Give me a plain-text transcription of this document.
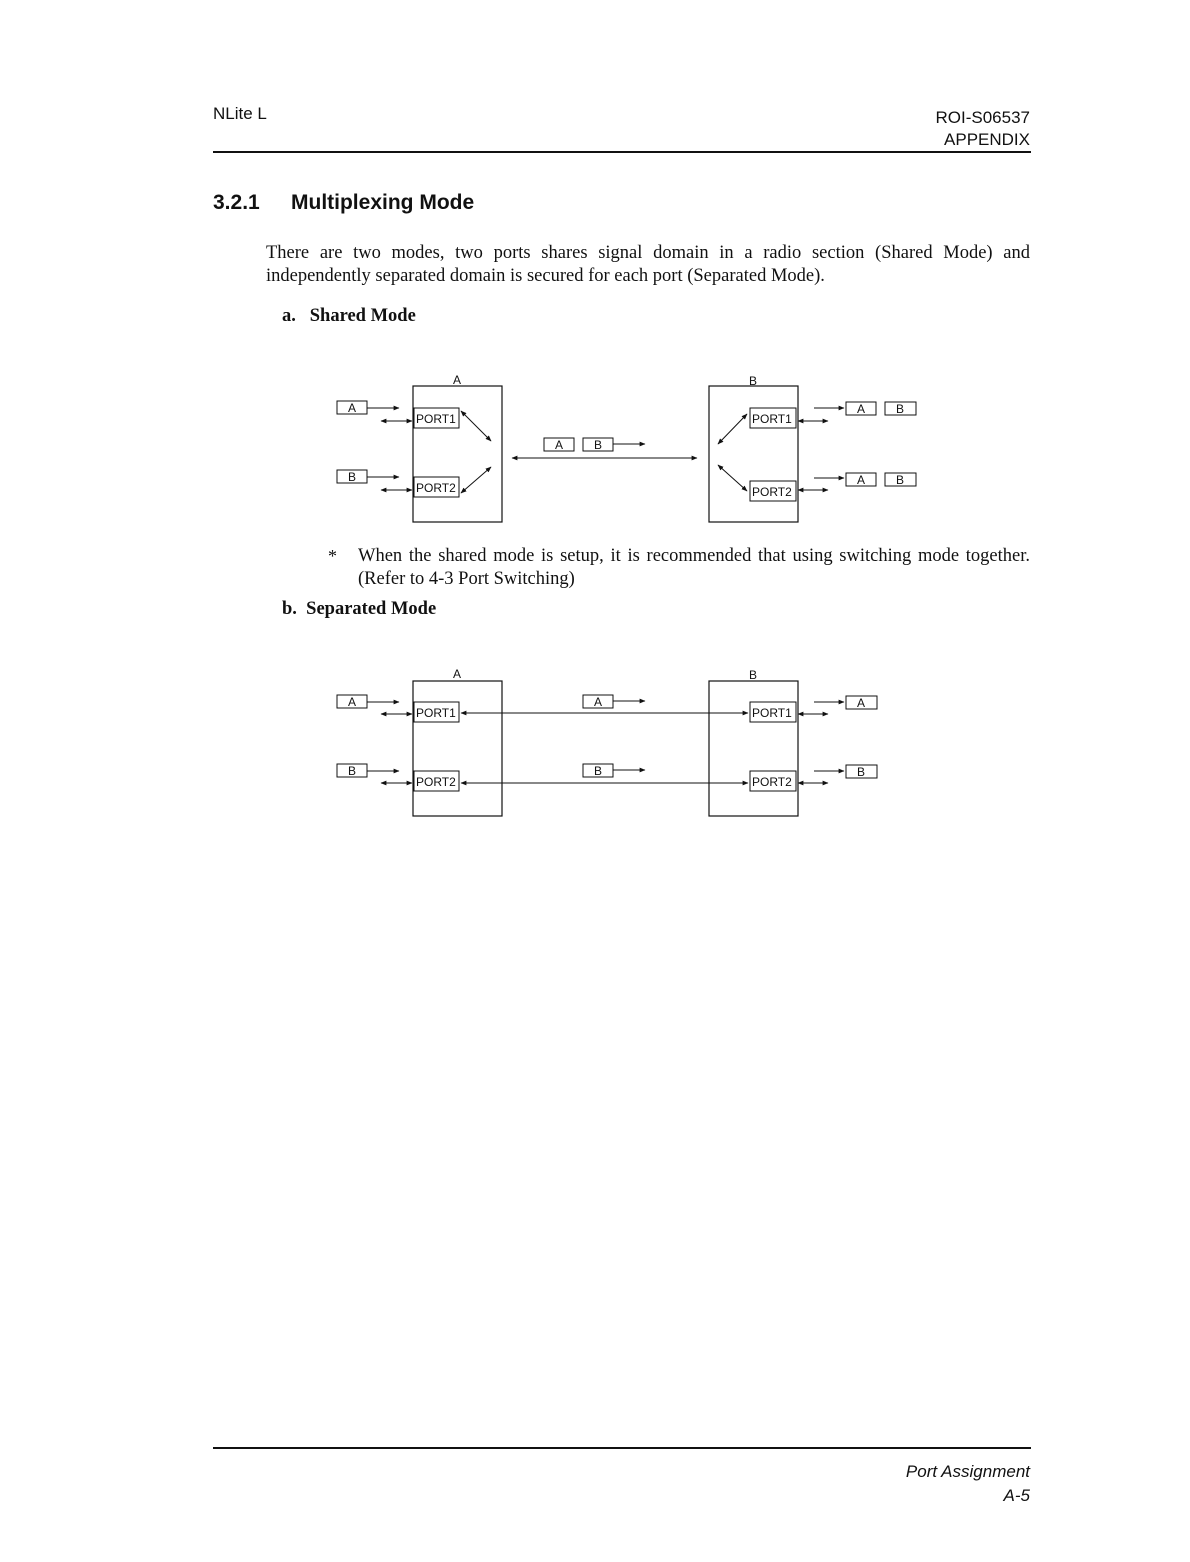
NLite L	ROI-S06537
APPENDIX
3.2.1 Multiplexing Mode
There are two modes, two ports shares signal domain in a radio section (Shared Mode) and independently separated domain is secured for each port (Separated Mode).
a.   Shared Mode
A	B
PORT1
PORT2
PORT1
PORT2
A
B
A	B
A	B
A	B
* When the shared mode is setup, it is recommended that using switching mode together. (Refer to 4-3 Port Switching)
b.  Separated Mode
A	B
PORT1
PORT2
PORT1
PORT2
A
B
A
B
A
B
Port Assignment
A-5
